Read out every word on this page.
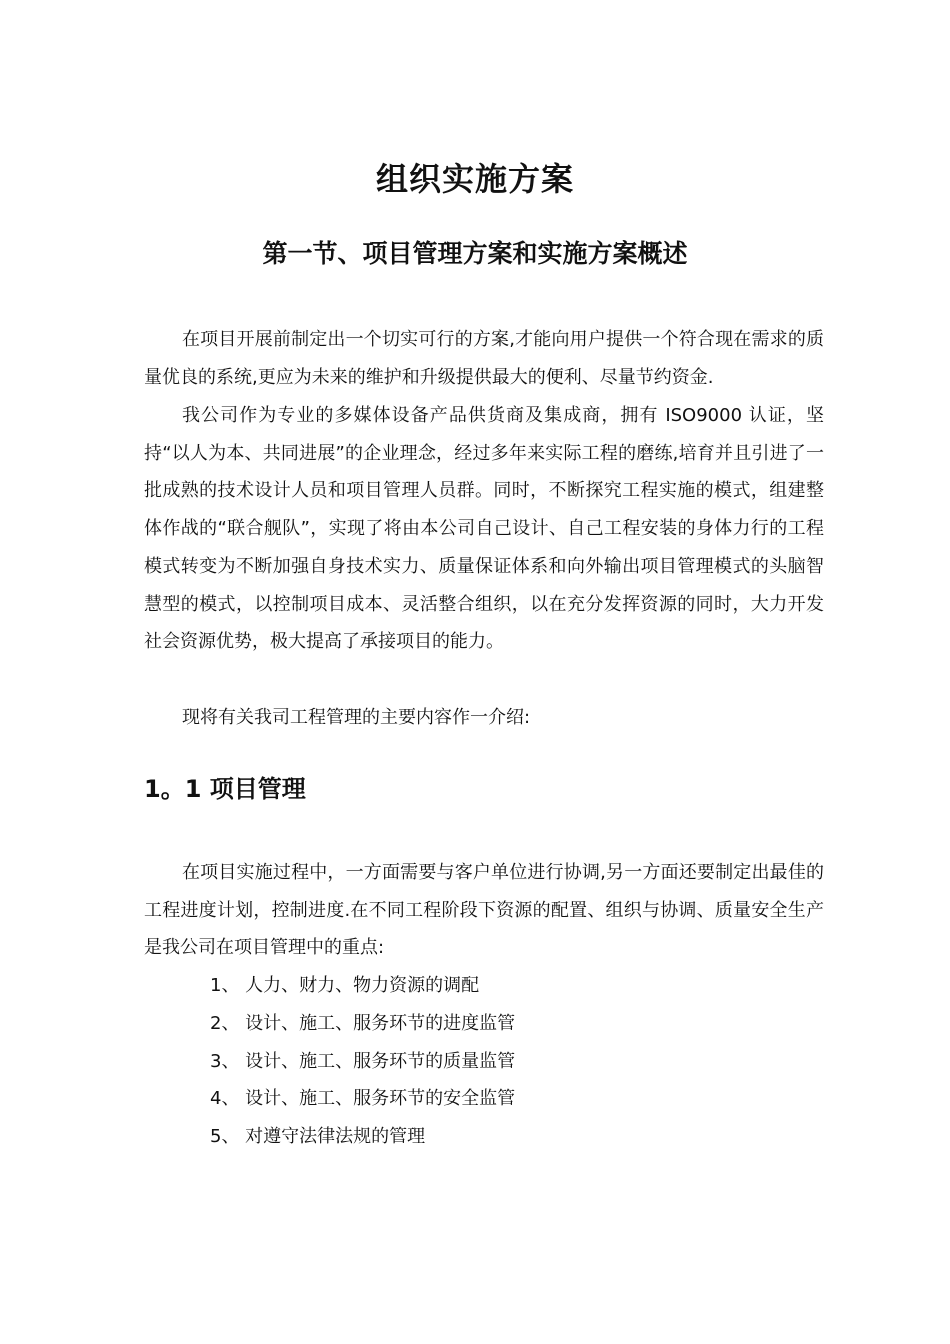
组织实施方案
第一节、项目管理方案和实施方案概述

在项目开展前制定出一个切实可行的方案,才能向用户提供一个符合现在需求的质量优良的系统,更应为未来的维护和升级提供最大的便利、尽量节约资金.

我公司作为专业的多媒体设备产品供货商及集成商，拥有 ISO9000 认证，坚持“以人为本、共同进展”的企业理念，经过多年来实际工程的磨练,培育并且引进了一批成熟的技术设计人员和项目管理人员群。同时，不断探究工程实施的模式，组建整体作战的“联合舰队”，实现了将由本公司自己设计、自己工程安装的身体力行的工程模式转变为不断加强自身技术实力、质量保证体系和向外输出项目管理模式的头脑智慧型的模式，以控制项目成本、灵活整合组织，以在充分发挥资源的同时，大力开发社会资源优势，极大提高了承接项目的能力。

现将有关我司工程管理的主要内容作一介绍:

1。1 项目管理

在项目实施过程中，一方面需要与客户单位进行协调,另一方面还要制定出最佳的工程进度计划，控制进度.在不同工程阶段下资源的配置、组织与协调、质量安全生产是我公司在项目管理中的重点:

1、 人力、财力、物力资源的调配
2、 设计、施工、服务环节的进度监管
3、 设计、施工、服务环节的质量监管
4、 设计、施工、服务环节的安全监管
5、 对遵守法律法规的管理
